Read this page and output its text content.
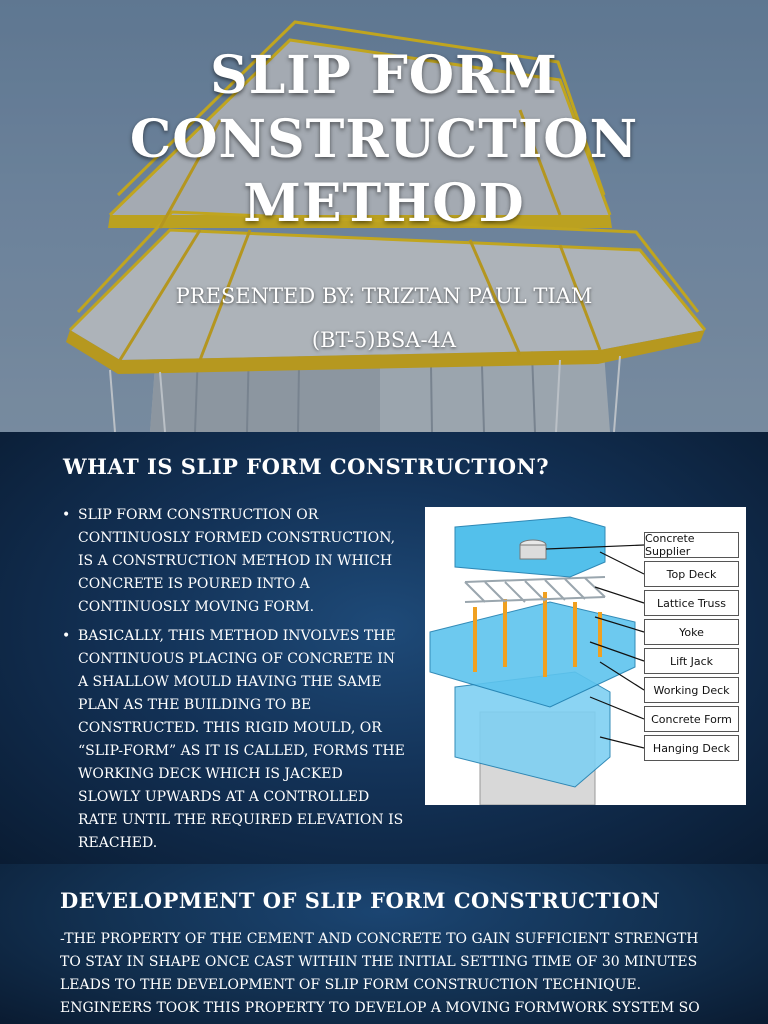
SLIP FORM
CONSTRUCTION
METHOD
PRESENTED BY: TRIZTAN PAUL TIAM
(BT-5)BSA-4A
WHAT IS SLIP FORM CONSTRUCTION?
• SLIP FORM CONSTRUCTION OR CONTINUOSLY FORMED CONSTRUCTION, IS A CONSTRUCTION METHOD IN WHICH CONCRETE IS POURED INTO A CONTINUOSLY MOVING FORM.
• BASICALLY, THIS METHOD INVOLVES THE CONTINUOUS PLACING OF CONCRETE IN A SHALLOW MOULD HAVING THE SAME PLAN AS THE BUILDING TO BE CONSTRUCTED. THIS RIGID MOULD, OR “SLIP-FORM” AS IT IS CALLED, FORMS THE WORKING DECK WHICH IS JACKED SLOWLY UPWARDS AT A CONTROLLED RATE UNTIL THE REQUIRED ELEVATION IS REACHED.
Concrete Supplier
Top Deck
Lattice Truss
Yoke
Lift Jack
Working Deck
Concrete Form
Hanging Deck
DEVELOPMENT OF SLIP FORM CONSTRUCTION

-THE PROPERTY OF THE CEMENT AND CONCRETE TO GAIN SUFFICIENT STRENGTH TO STAY IN SHAPE ONCE CAST WITHIN THE INITIAL SETTING TIME OF 30 MINUTES LEADS TO THE DEVELOPMENT OF SLIP FORM CONSTRUCTION TECHNIQUE. ENGINEERS TOOK THIS PROPERTY TO DEVELOP A MOVING FORMWORK SYSTEM SO
